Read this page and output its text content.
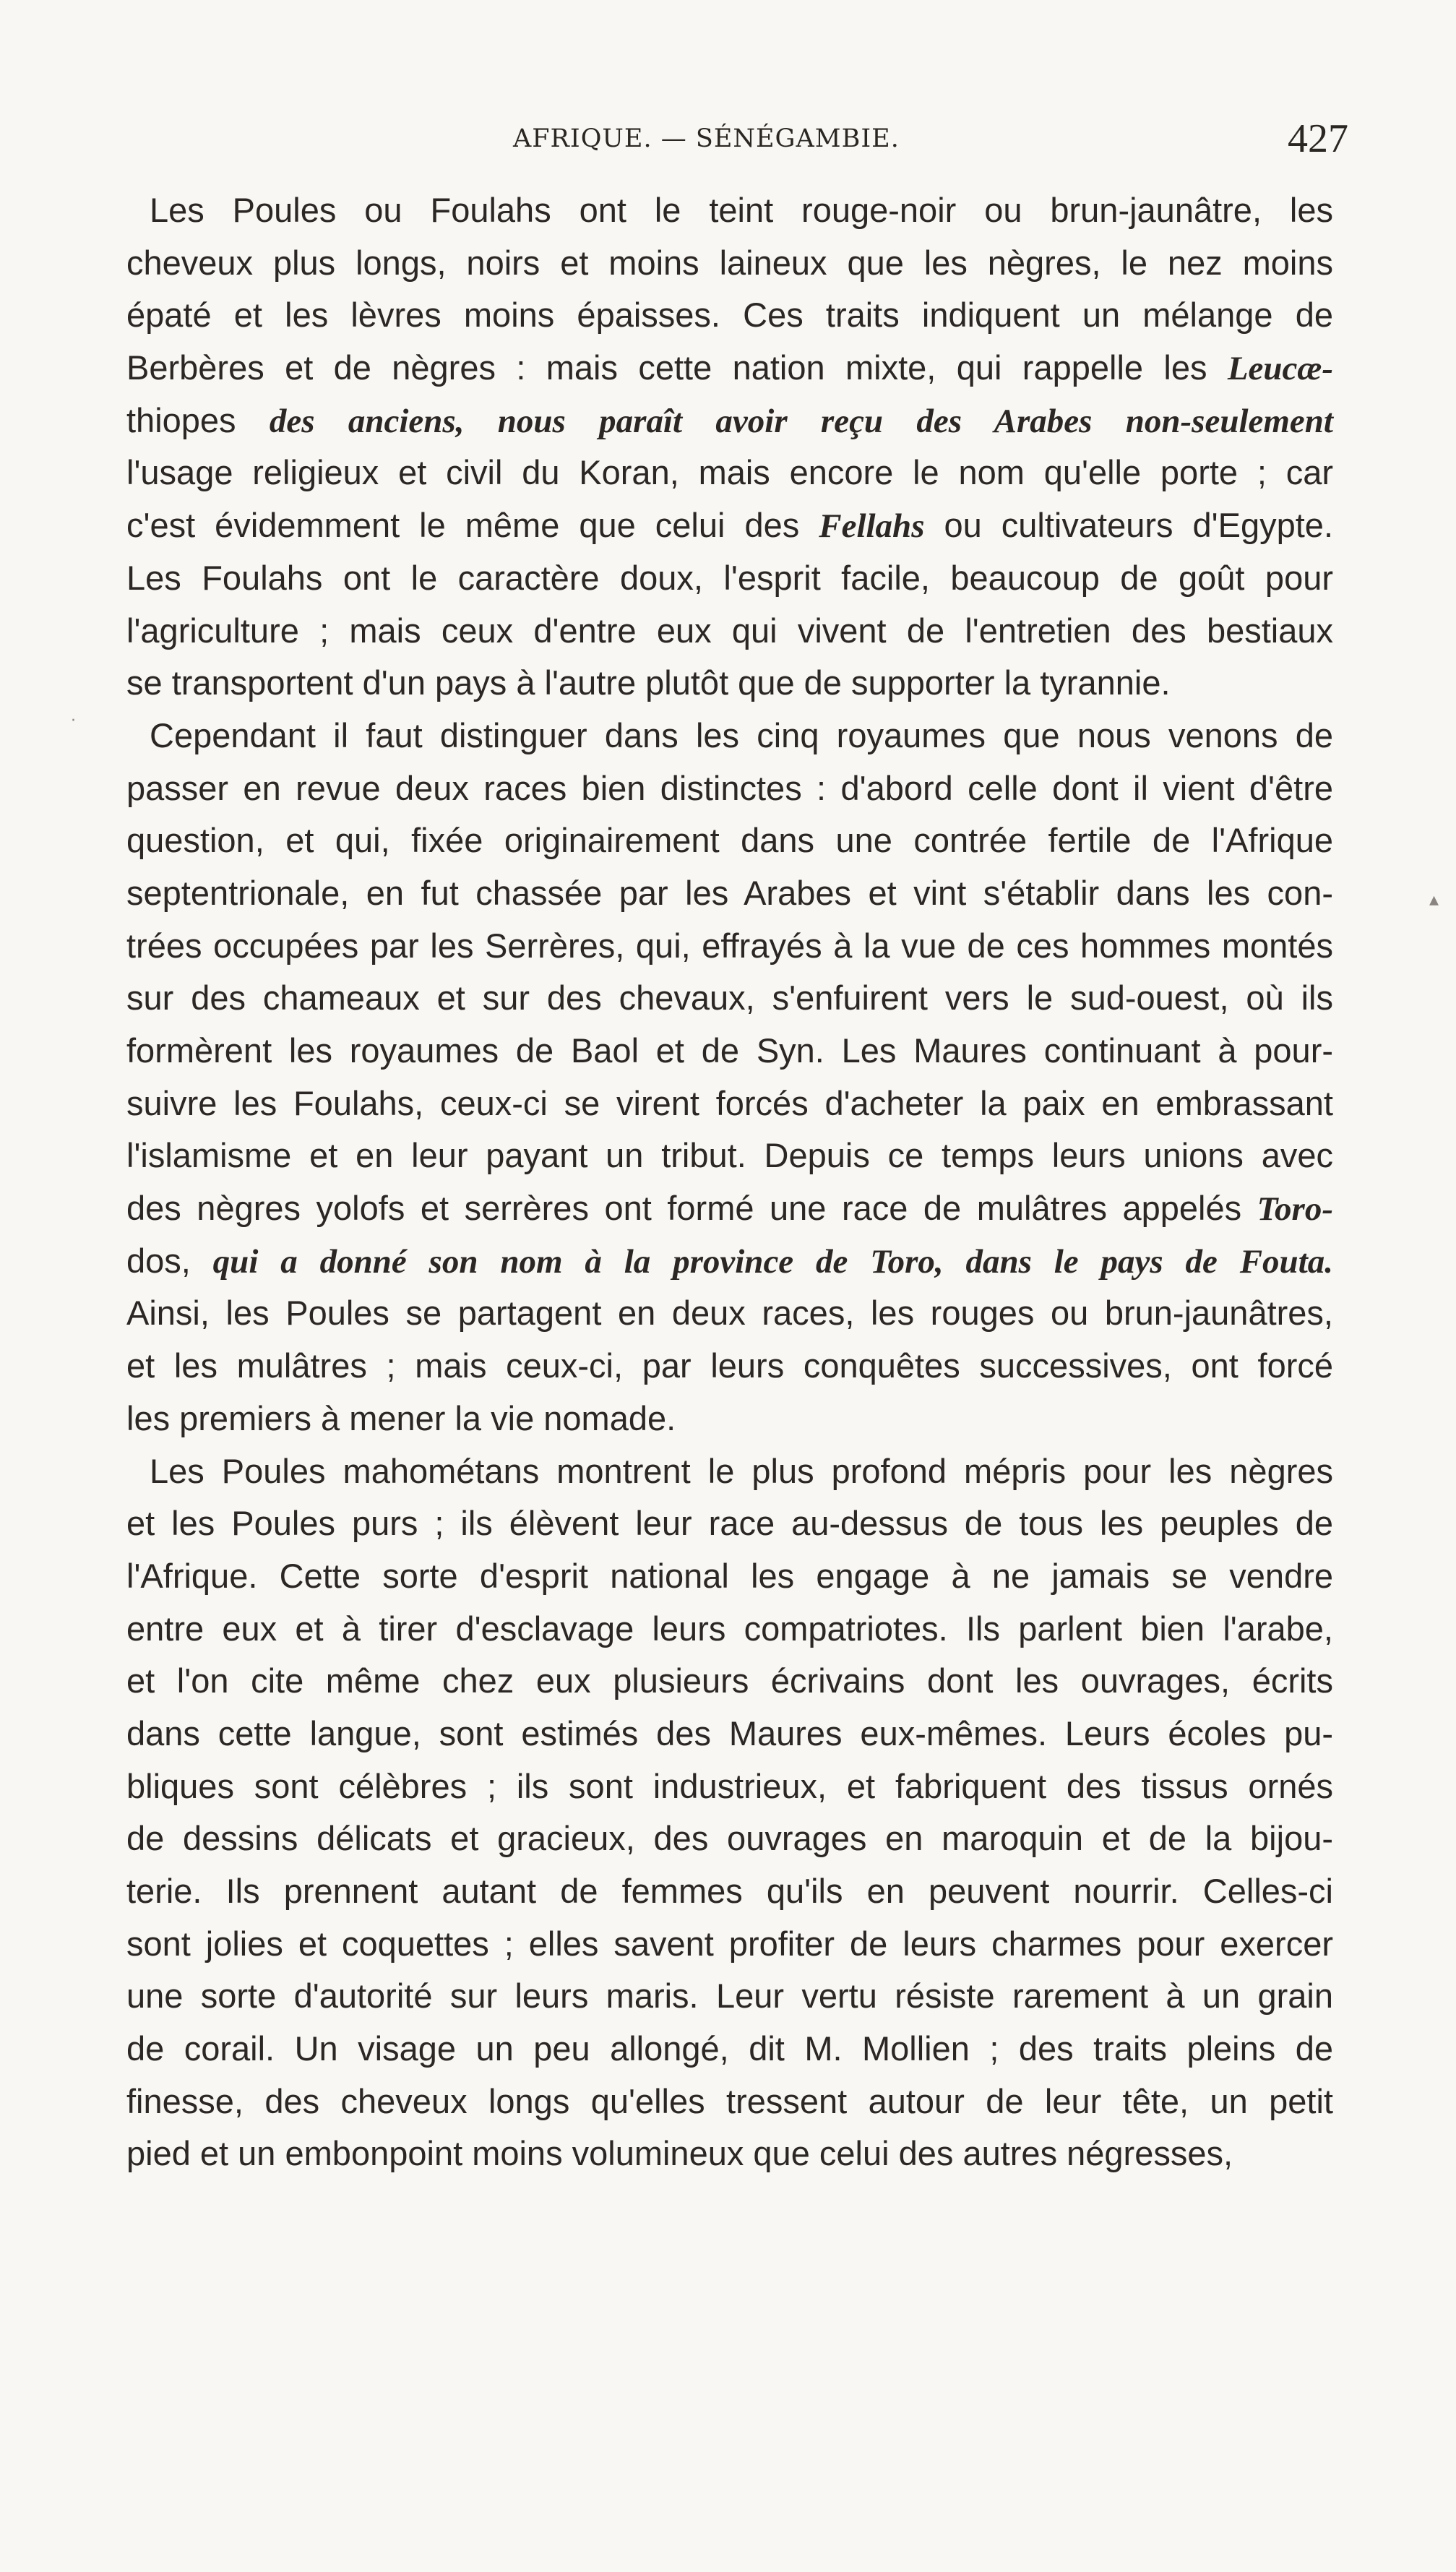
AFRIQUE. — SÉNÉGAMBIE.	427
Les Poules ou Foulahs ont le teint rouge-noir ou brun-jaunâtre, les
cheveux plus longs, noirs et moins laineux que les nègres, le nez moins
épaté et les lèvres moins épaisses. Ces traits indiquent un mélange de
Berbères et de nègres : mais cette nation mixte, qui rappelle les Leucæ-
thiopes des anciens, nous paraît avoir reçu des Arabes non-seulement
l'usage religieux et civil du Koran, mais encore le nom qu'elle porte ; car
c'est évidemment le même que celui des Fellahs ou cultivateurs d'Egypte.
Les Foulahs ont le caractère doux, l'esprit facile, beaucoup de goût pour
l'agriculture ; mais ceux d'entre eux qui vivent de l'entretien des bestiaux
se transportent d'un pays à l'autre plutôt que de supporter la tyrannie.
Cependant il faut distinguer dans les cinq royaumes que nous venons de
passer en revue deux races bien distinctes : d'abord celle dont il vient d'être
question, et qui, fixée originairement dans une contrée fertile de l'Afrique
septentrionale, en fut chassée par les Arabes et vint s'établir dans les con-
trées occupées par les Serrères, qui, effrayés à la vue de ces hommes montés
sur des chameaux et sur des chevaux, s'enfuirent vers le sud-ouest, où ils
formèrent les royaumes de Baol et de Syn. Les Maures continuant à pour-
suivre les Foulahs, ceux-ci se virent forcés d'acheter la paix en embrassant
l'islamisme et en leur payant un tribut. Depuis ce temps leurs unions avec
des nègres yolofs et serrères ont formé une race de mulâtres appelés Toro-
dos, qui a donné son nom à la province de Toro, dans le pays de Fouta.
Ainsi, les Poules se partagent en deux races, les rouges ou brun-jaunâtres,
et les mulâtres ; mais ceux-ci, par leurs conquêtes successives, ont forcé
les premiers à mener la vie nomade.
Les Poules mahométans montrent le plus profond mépris pour les nègres
et les Poules purs ; ils élèvent leur race au-dessus de tous les peuples de
l'Afrique. Cette sorte d'esprit national les engage à ne jamais se vendre
entre eux et à tirer d'esclavage leurs compatriotes. Ils parlent bien l'arabe,
et l'on cite même chez eux plusieurs écrivains dont les ouvrages, écrits
dans cette langue, sont estimés des Maures eux-mêmes. Leurs écoles pu-
bliques sont célèbres ; ils sont industrieux, et fabriquent des tissus ornés
de dessins délicats et gracieux, des ouvrages en maroquin et de la bijou-
terie. Ils prennent autant de femmes qu'ils en peuvent nourrir. Celles-ci
sont jolies et coquettes ; elles savent profiter de leurs charmes pour exercer
une sorte d'autorité sur leurs maris. Leur vertu résiste rarement à un grain
de corail. Un visage un peu allongé, dit M. Mollien ; des traits pleins de
finesse, des cheveux longs qu'elles tressent autour de leur tête, un petit
pied et un embonpoint moins volumineux que celui des autres négresses,
·
▴
